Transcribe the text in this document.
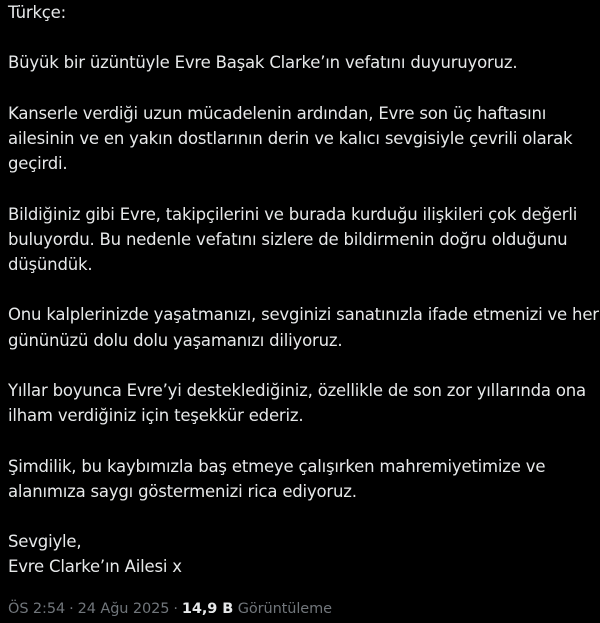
Türkçe:
Büyük bir üzüntüyle Evre Başak Clarke’ın vefatını duyuruyoruz.
Kanserle verdiği uzun mücadelenin ardından, Evre son üç haftasını
ailesinin ve en yakın dostlarının derin ve kalıcı sevgisiyle çevrili olarak
geçirdi.
Bildiğiniz gibi Evre, takipçilerini ve burada kurduğu ilişkileri çok değerli
buluyordu. Bu nedenle vefatını sizlere de bildirmenin doğru olduğunu
düşündük.
Onu kalplerinizde yaşatmanızı, sevginizi sanatınızla ifade etmenizi ve her
gününüzü dolu dolu yaşamanızı diliyoruz.
Yıllar boyunca Evre’yi desteklediğiniz, özellikle de son zor yıllarında ona
ilham verdiğiniz için teşekkür ederiz.
Şimdilik, bu kaybımızla baş etmeye çalışırken mahremiyetimize ve
alanımıza saygı göstermenizi rica ediyoruz.
Sevgiyle,
Evre Clarke’ın Ailesi x
ÖS 2:54 · 24 Ağu 2025 · 14,9 B Görüntüleme
